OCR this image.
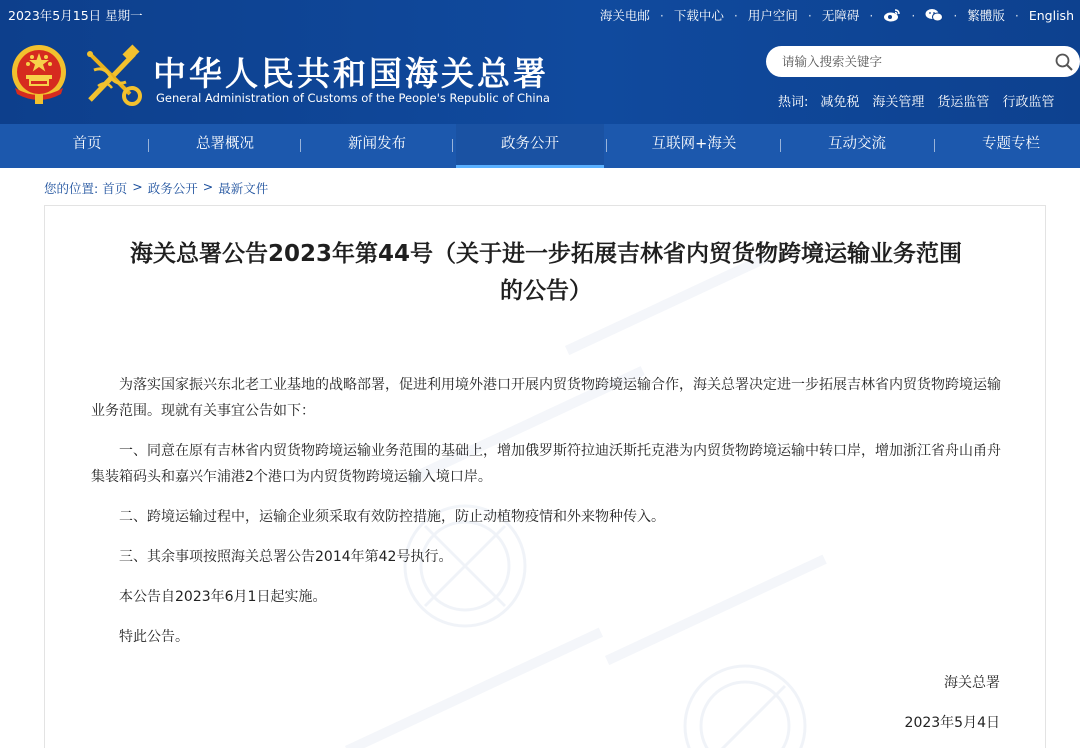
2023年5月15日 星期一	海关电邮 · 下载中心 · 用户空间 · 无障碍 ·	·	· 繁體版 · English
中华人民共和国海关总署
General Administration of Customs of the People's Republic of China
请输入搜索关键字	热词: 减免税 海关管理 货运监管 行政监管
首页	总署概况	新闻发布	政务公开	互联网+海关	互动交流	专题专栏
您的位置: 首页 > 政务公开 > 最新文件
海关总署公告2023年第44号（关于进一步拓展吉林省内贸货物跨境运输业务范围
的公告）

为落实国家振兴东北老工业基地的战略部署，促进利用境外港口开展内贸货物跨境运输合作，海关总署决定进一步拓展吉林省内贸货物跨境运输业务范围。现就有关事宜公告如下：

一、同意在原有吉林省内贸货物跨境运输业务范围的基础上，增加俄罗斯符拉迪沃斯托克港为内贸货物跨境运输中转口岸，增加浙江省舟山甬舟集装箱码头和嘉兴乍浦港2个港口为内贸货物跨境运输入境口岸。

二、跨境运输过程中，运输企业须采取有效防控措施，防止动植物疫情和外来物种传入。

三、其余事项按照海关总署公告2014年第42号执行。

本公告自2023年6月1日起实施。

特此公告。

海关总署
2023年5月4日
